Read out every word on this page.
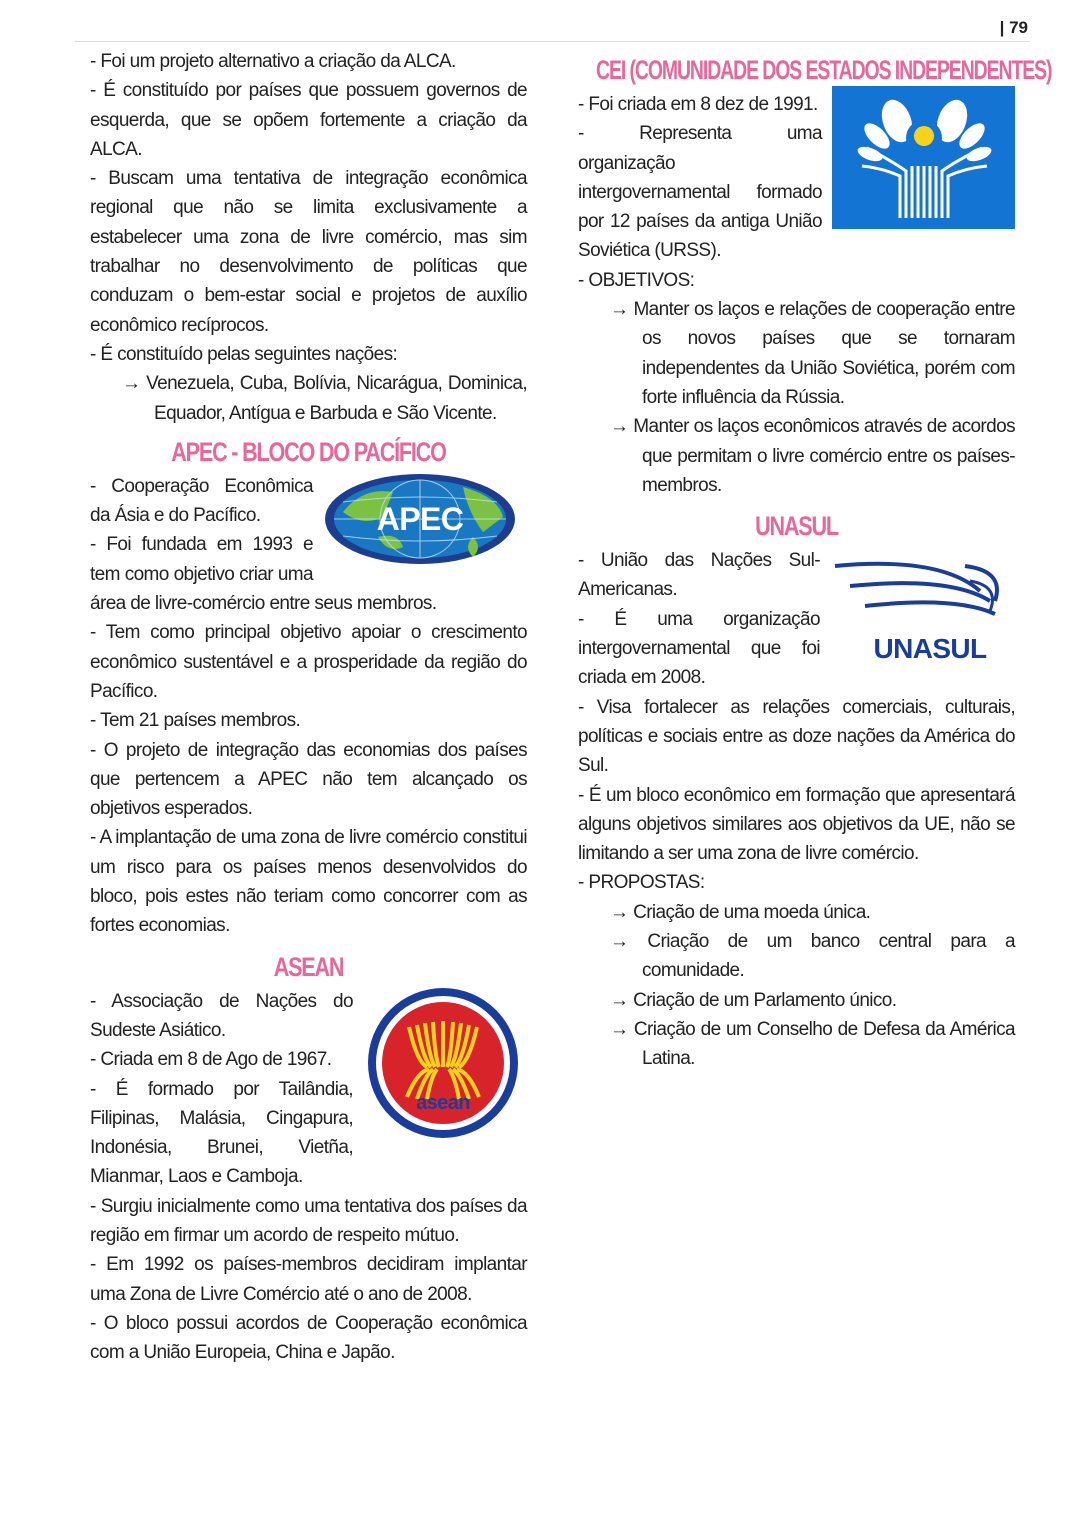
| 79

- Foi um projeto alternativo a criação da ALCA.

- É constituído por países que possuem governos de esquerda, que se opõem fortemente a criação da ALCA.

- Buscam uma tentativa de integração econômica regional que não se limita exclusivamente a estabelecer uma zona de livre comércio, mas sim trabalhar no desenvolvimento de políticas que conduzam o bem-estar social e projetos de auxílio econômico recíprocos.

- É constituído pelas seguintes nações:

→ Venezuela, Cuba, Bolívia, Nicarágua, Dominica, Equador, Antígua e Barbuda e São Vicente.

APEC - BLOCO DO PACÍFICO
APEC

- Cooperação Econômica da Ásia e do Pacífico.

- Foi fundada em 1993 e tem como objetivo criar uma área de livre-comércio entre seus membros.

- Tem como principal objetivo apoiar o crescimento econômico sustentável e a prosperidade da região do Pacífico.

- Tem 21 países membros.

- O projeto de integração das economias dos países que pertencem a APEC não tem alcançado os objetivos esperados.

- A implantação de uma zona de livre comércio constitui um risco para os países menos desenvolvidos do bloco, pois estes não teriam como concorrer com as fortes economias.

ASEAN
asean

- Associação de Nações do Sudeste Asiático.

- Criada em 8 de Ago de 1967.

- É formado por Tailândia, Filipinas, Malásia, Cingapura, Indonésia, Brunei, Vietña, Mianmar, Laos e Camboja.

- Surgiu inicialmente como uma tentativa dos países da região em firmar um acordo de respeito mútuo.

- Em 1992 os países-membros decidiram implantar uma Zona de Livre Comércio até o ano de 2008.

- O bloco possui acordos de Cooperação econômica com a União Europeia, China e Japão.

CEI (COMUNIDADE DOS ESTADOS INDEPENDENTES)

- Foi criada em 8 dez de 1991.

- Representa uma organização intergovernamental formado por 12 países da antiga União Soviética (URSS).

- OBJETIVOS:

→ Manter os laços e relações de cooperação entre os novos países que se tornaram independentes da União Soviética, porém com forte influência da Rússia.

→ Manter os laços econômicos através de acordos que permitam o livre comércio entre os países-membros.

UNASUL
UNASUL

- União das Nações Sul-Americanas.

- É uma organização intergovernamental que foi criada em 2008.

- Visa fortalecer as relações comerciais, culturais, políticas e sociais entre as doze nações da América do Sul.

- É um bloco econômico em formação que apresentará alguns objetivos similares aos objetivos da UE, não se limitando a ser uma zona de livre comércio.

- PROPOSTAS:

→ Criação de uma moeda única.

→ Criação de um banco central para a comunidade.

→ Criação de um Parlamento único.

→ Criação de um Conselho de Defesa da América Latina.
